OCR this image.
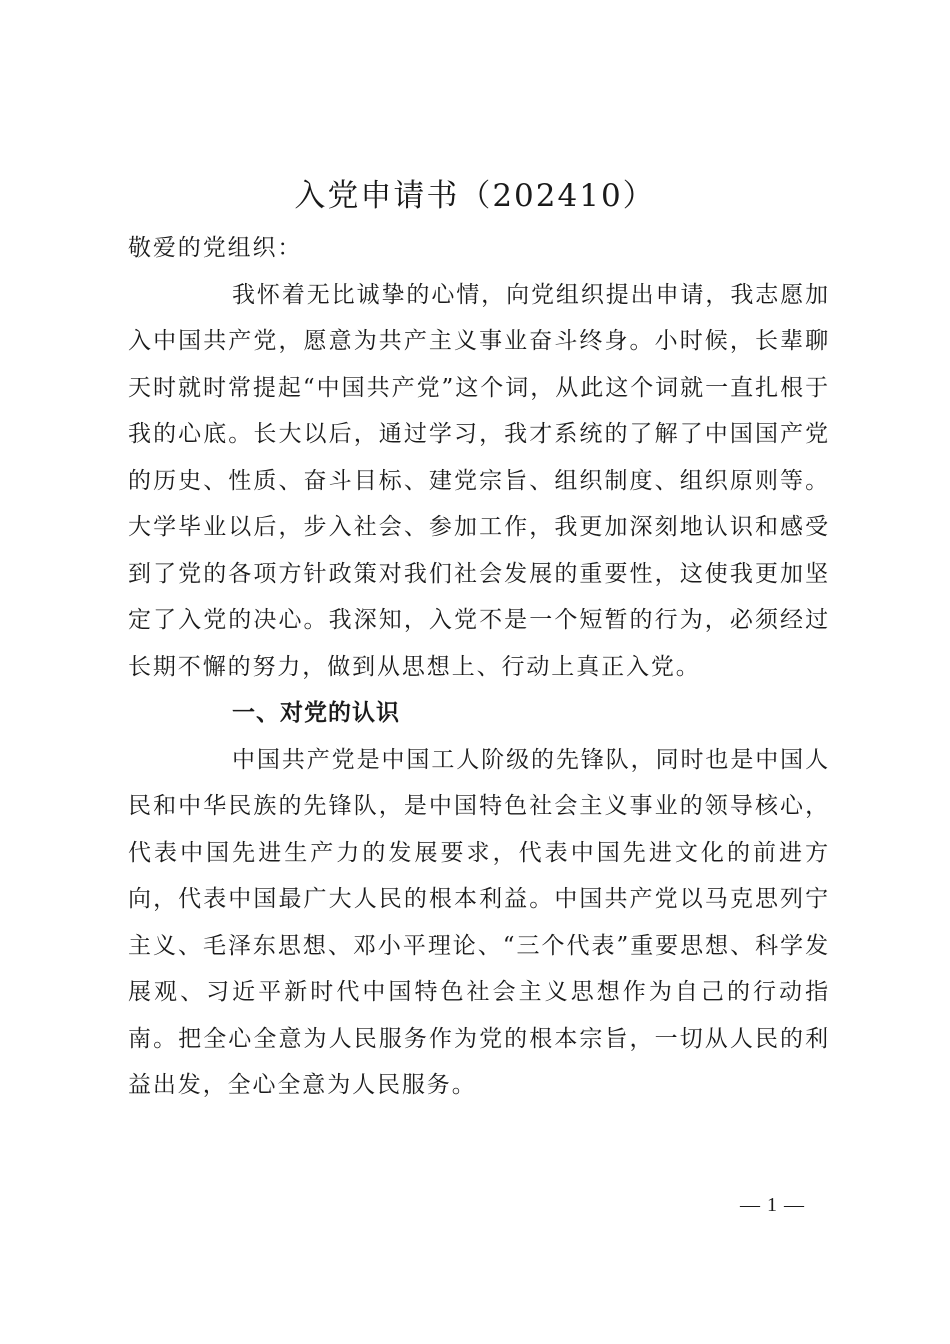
入党申请书（202410）

敬爱的党组织：

我怀着无比诚挚的心情，向党组织提出申请，我志愿加入中国共产党，愿意为共产主义事业奋斗终身。小时候，长辈聊天时就时常提起“中国共产党”这个词，从此这个词就一直扎根于我的心底。长大以后，通过学习，我才系统的了解了中国国产党的历史、性质、奋斗目标、建党宗旨、组织制度、组织原则等。大学毕业以后，步入社会、参加工作，我更加深刻地认识和感受到了党的各项方针政策对我们社会发展的重要性，这使我更加坚定了入党的决心。我深知，入党不是一个短暂的行为，必须经过长期不懈的努力，做到从思想上、行动上真正入党。

一、对党的认识

中国共产党是中国工人阶级的先锋队，同时也是中国人民和中华民族的先锋队，是中国特色社会主义事业的领导核心，代表中国先进生产力的发展要求，代表中国先进文化的前进方向，代表中国最广大人民的根本利益。中国共产党以马克思列宁主义、毛泽东思想、邓小平理论、“三个代表”重要思想、科学发展观、习近平新时代中国特色社会主义思想作为自己的行动指南。把全心全意为人民服务作为党的根本宗旨，一切从人民的利益出发，全心全意为人民服务。

— 1 —
